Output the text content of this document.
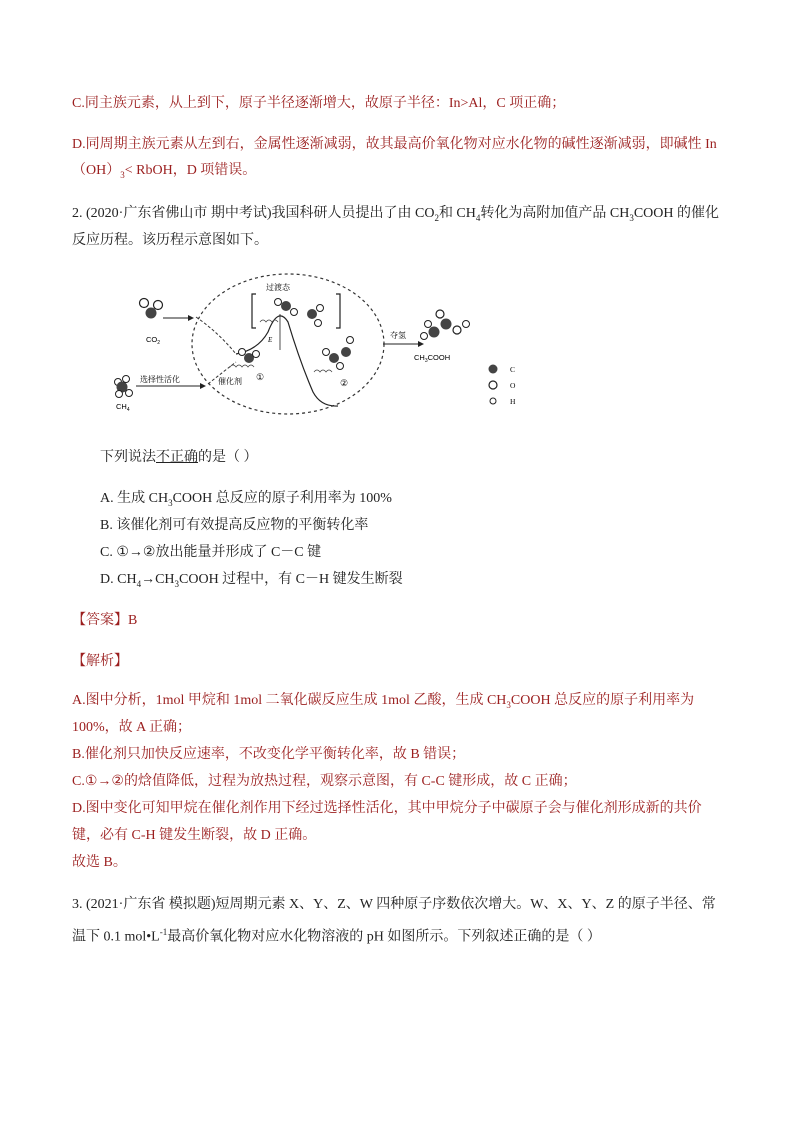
C.同主族元素，从上到下，原子半径逐渐增大，故原子半径：In>Al，C 项正确；
D.同周期主族元素从左到右，金属性逐渐减弱，故其最高价氧化物对应水化物的碱性逐渐减弱，即碱性 In
$(OH)_3<$ RbOH，D 项错误。
2. (2020·广东省佛山市 期中考试)我国科研人员提出了由 $CO_2$和 $CH_4$转化为高附加值产品 $CH_3COOH$ 的催化
反应历程。该历程示意图如下。
$CO_2$
$CH_4$
选择性活化
E
过渡态
催化剂 ①
②
夺氢
$CH_3COOH$
C
O
H
下列说法不正确的是（ ）
A. 生成 $CH_3COOH$ 总反应的原子利用率为 100%
B. 该催化剂可有效提高反应物的平衡转化率
C. ①→②放出能量并形成了 C－C 键
D. $CH_4\to CH_3COOH$ 过程中，有 C－H 键发生断裂
【答案】B
【解析】
A.图中分析，1mol 甲烷和 1mol 二氧化碳反应生成 1mol 乙酸，生成 $CH_3COOH$ 总反应的原子利用率为
100%，故 A 正确；
B.催化剂只加快反应速率，不改变化学平衡转化率，故 B 错误；
C.①→②的焓值降低，过程为放热过程，观察示意图，有 C-C 键形成，故 C 正确；
D.图中变化可知甲烷在催化剂作用下经过选择性活化，其中甲烷分子中碳原子会与催化剂形成新的共价
键，必有 C-H 键发生断裂，故 D 正确。
故选 B。
3. (2021·广东省 模拟题)短周期元素 X、Y、Z、W 四种原子序数依次增大。W、X、Y、Z 的原子半径、常
温下 0.1 $mol•L^{-1}$最高价氧化物对应水化物溶液的 pH 如图所示。下列叙述正确的是（ ）
